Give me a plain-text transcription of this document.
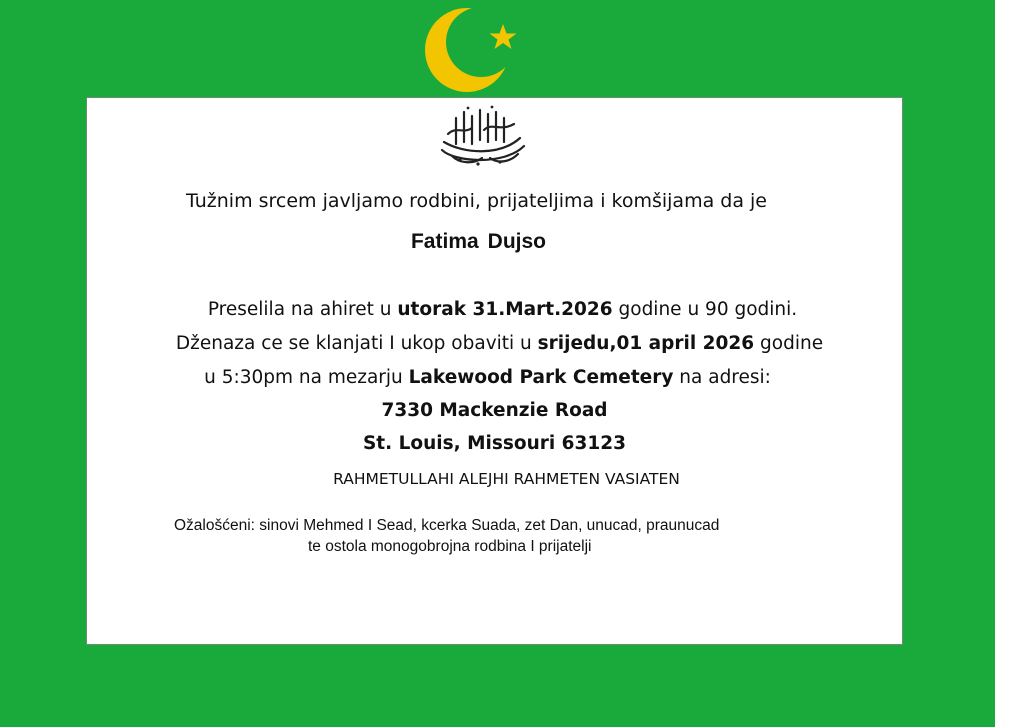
Tužnim srcem javljamo rodbini, prijateljima i komšijama da je
Fatima Dujso
Preselila na ahiret u utorak 31.Mart.2026 godine u 90 godini.
Dženaza ce se klanjati I ukop obaviti u srijedu,01 april 2026 godine
u 5:30pm na mezarju Lakewood Park Cemetery na adresi:
7330 Mackenzie Road
St. Louis, Missouri 63123
RAHMETULLAHI ALEJHI RAHMETEN VASIATEN
Ožalošćeni: sinovi Mehmed I Sead, kcerka Suada, zet Dan, unucad, praunucad
te ostola monogobrojna rodbina I prijatelji
